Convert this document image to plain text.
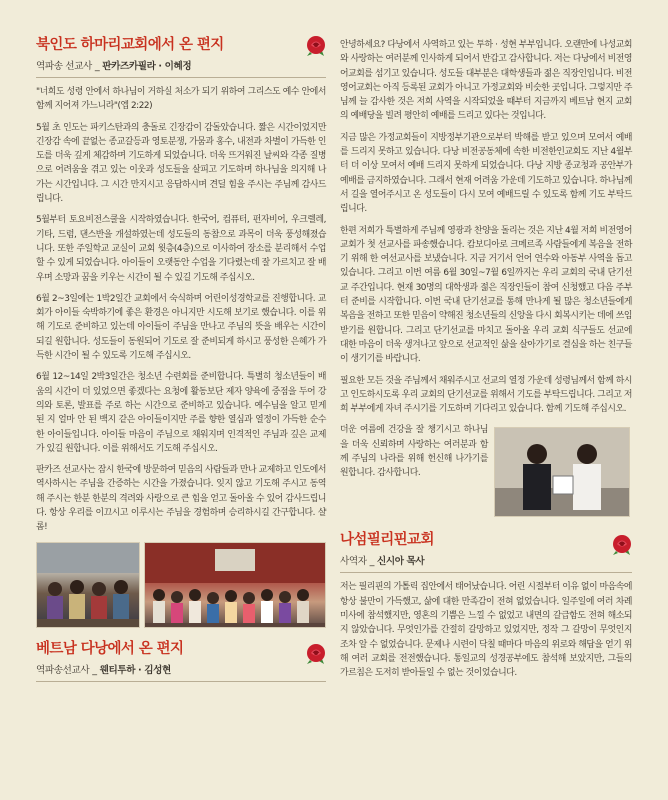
북인도 하마리교회에서 온 편지
역파송 선교사 _ 판카즈카필라 · 이혜정

"너희도 성령 안에서 하나님이 거하실 처소가 되기 위하여 그리스도 예수 안에서 함께 지어져 가느니라"(엡 2:22)

5월 초 인도는 파키스탄과의 충돌로 긴장감이 감돌았습니다. 짧은 시간이었지만 긴장감 속에 끝없는 종교갈등과 영토분쟁, 가뭄과 홍수, 내전과 차별이 가득한 인도를 더욱 깊게 체감하며 기도하게 되었습니다. 더욱 뜨거워진 날씨와 각종 질병으로 어려움을 겪고 있는 이웃과 성도들을 살피고 기도하며 하나님을 의지해 나가는 시간입니다. 그 시간 만지시고 응답하시며 견딜 힘을 주시는 주님께 감사드립니다.

5월부터 토요비전스쿨을 시작하였습니다. 한국어, 컴퓨터, 펀자비어, 우크렐레, 기타, 드럼, 댄스반을 개설하였는데 성도들의 동참으로 과목이 더욱 풍성해졌습니다. 또한 주일학교 교실이 교회 윗층(4층)으로 이사하여 장소를 분리해서 수업할 수 있게 되었습니다. 아이들이 오랫동안 수업을 기다렸는데 잘 가르치고 잘 배우며 소망과 꿈을 키우는 시간이 될 수 있길 기도해 주십시오.

6월 2~3일에는 1박2일간 교회에서 숙식하며 어린이성경학교를 진행합니다. 교회가 아이들 숙박하기에 좋은 환경은 아니지만 시도해 보기로 했습니다. 이를 위해 기도로 준비하고 있는데 아이들이 주님을 만나고 주님의 뜻을 배우는 시간이 되길 원합니다. 성도들이 동원되어 기도로 잘 준비되게 하시고 풍성한 은혜가 가득한 시간이 될 수 있도록 기도해 주십시오.

6월 12~14일 2박3일간은 청소년 수련회를 준비합니다. 특별히 청소년들이 배움의 시간이 더 있었으면 좋겠다는 요청에 활동보단 제자 양육에 중점을 두어 강의와 토론, 발표를 주로 하는 시간으로 준비하고 있습니다. 예수님을 알고 믿게 된 지 얼마 안 된 백지 같은 아이들이지만 주를 향한 열심과 열정이 가득한 순수한 아이들입니다. 아이들 마음이 주님으로 채워지며 인격적인 주님과 깊은 교제가 있길 원합니다. 이를 위해서도 기도해 주십시오.

판카즈 선교사는 잠시 한국에 방문하여 믿음의 사람들과 만나 교제하고 인도에서 역사하시는 주님을 간증하는 시간을 가졌습니다. 잊지 않고 기도해 주시고 동역해 주시는 한분 한분의 격려와 사랑으로 큰 힘을 얻고 돌아올 수 있어 감사드립니다. 항상 우리를 이끄시고 이루시는 주님을 경험하며 승리하시길 간구합니다. 샬롬!

베트남 다낭에서 온 편지
역파송선교사 _ 웬티투하 · 김성현

안녕하세요? 다낭에서 사역하고 있는 투하 · 성현 부부입니다. 오랜만에 나성교회와 사랑하는 여러분께 인사하게 되어서 반갑고 감사합니다. 저는 다낭에서 비전영어교회를 섬기고 있습니다. 성도들 대부분은 대학생들과 젊은 직장인입니다. 비전영어교회는 아직 등록된 교회가 아니고 가정교회와 비슷한 곳입니다. 그렇지만 주님께 늘 감사한 것은 저희 사역을 시작되었을 때부터 지금까지 베트남 현지 교회의 예배당을 빌려 평안히 예배를 드리고 있다는 것입니다.

지금 많은 가정교회들이 지방정부기관으로부터 박해를 받고 있으며 모여서 예배를 드리지 못하고 있습니다. 다낭 비전공동체에 속한 비전한인교회도 지난 4월부터 더 이상 모여서 예배 드리지 못하게 되었습니다. 다낭 지방 종교청과 공안부가 예배를 금지하였습니다. 그래서 현재 어려움 가운데 기도하고 있습니다. 하나님께서 길을 열어주시고 온 성도들이 다시 모여 예배드릴 수 있도록 함께 기도 부탁드립니다.

한편 저희가 특별하게 주님께 영광과 찬양을 돌리는 것은 지난 4월 저희 비전영어교회가 첫 선교사를 파송했습니다. 캄보디아로 크메르족 사람들에게 복음을 전하기 위해 한 여선교사를 보냈습니다. 지금 거기서 언어 연수와 아동부 사역을 돕고 있습니다. 그리고 이번 여름 6월 30일~7월 6일까지는 우리 교회의 국내 단기선교 주간입니다. 현재 30명의 대학생과 젊은 직장인들이 참여 신청했고 다음 주부터 준비를 시작합니다. 이번 국내 단기선교를 통해 만나게 될 많은 청소년들에게 복음을 전하고 또한 믿음이 약해진 청소년들의 신앙을 다시 회복시키는 데에 쓰임 받기를 원합니다. 그리고 단기선교를 마치고 돌아올 우리 교회 식구들도 선교에 대한 마음이 더욱 생겨나고 앞으로 선교적인 삶을 살아가기로 결심을 하는 친구들이 생기기를 바랍니다.

필요한 모든 것을 주님께서 채워주시고 선교의 열정 가운데 성령님께서 함께 하시고 인도하시도록 우리 교회의 단기선교를 위해서 기도를 부탁드립니다. 그리고 저희 부부에게 자녀 주시기를 기도하며 기다리고 있습니다. 함께 기도해 주십시오.

더운 여름에 건강을 잘 챙기시고 하나님을 더욱 신뢰하며 사랑하는 여러분과 함께 주님의 나라를 위해 헌신해 나가기를 원합니다. 감사합니다.

나섬필리핀교회
사역자 _ 신시아 목사

저는 필리핀의 가톨릭 집안에서 태어났습니다. 어린 시절부터 이유 없이 마음속에 항상 불만이 가득했고, 삶에 대한 만족감이 전혀 없었습니다. 일주일에 여러 차례 미사에 참석했지만, 영혼의 기쁨은 느낄 수 없었고 내면의 갈급함도 전혀 해소되지 않았습니다. 무엇인가를 간절히 갈망하고 있었지만, 정작 그 갈망이 무엇인지조차 알 수 없었습니다. 문제나 시련이 닥칠 때마다 마음의 위로와 해답을 얻기 위해 여러 교회를 전전했습니다. 통일교의 성경공부에도 참석해 보았지만, 그들의 가르침은 도저히 받아들일 수 없는 것이었습니다.
